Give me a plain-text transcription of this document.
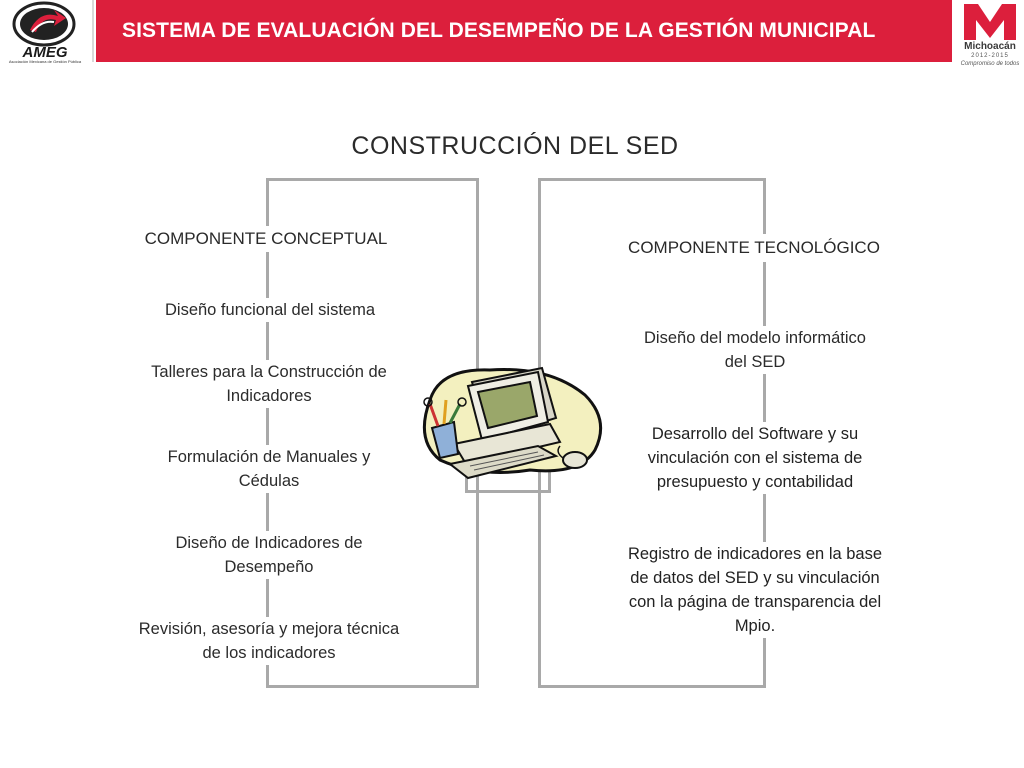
AMEG
Asociación Mexicana de Gestión Pública
SISTEMA DE EVALUACIÓN DEL DESEMPEÑO DE LA GESTIÓN MUNICIPAL
Michoacán
2012-2015
Compromiso de todos
CONSTRUCCIÓN DEL SED
COMPONENTE CONCEPTUAL
Diseño funcional del sistema
Talleres para la Construcción de Indicadores
Formulación de Manuales y Cédulas
Diseño de Indicadores de Desempeño
Revisión, asesoría y mejora técnica de los indicadores
COMPONENTE TECNOLÓGICO
Diseño del modelo informático del SED
Desarrollo del Software y su vinculación con el sistema de presupuesto y contabilidad
Registro de indicadores en la base de datos del SED y su vinculación con la página de transparencia del Mpio.
